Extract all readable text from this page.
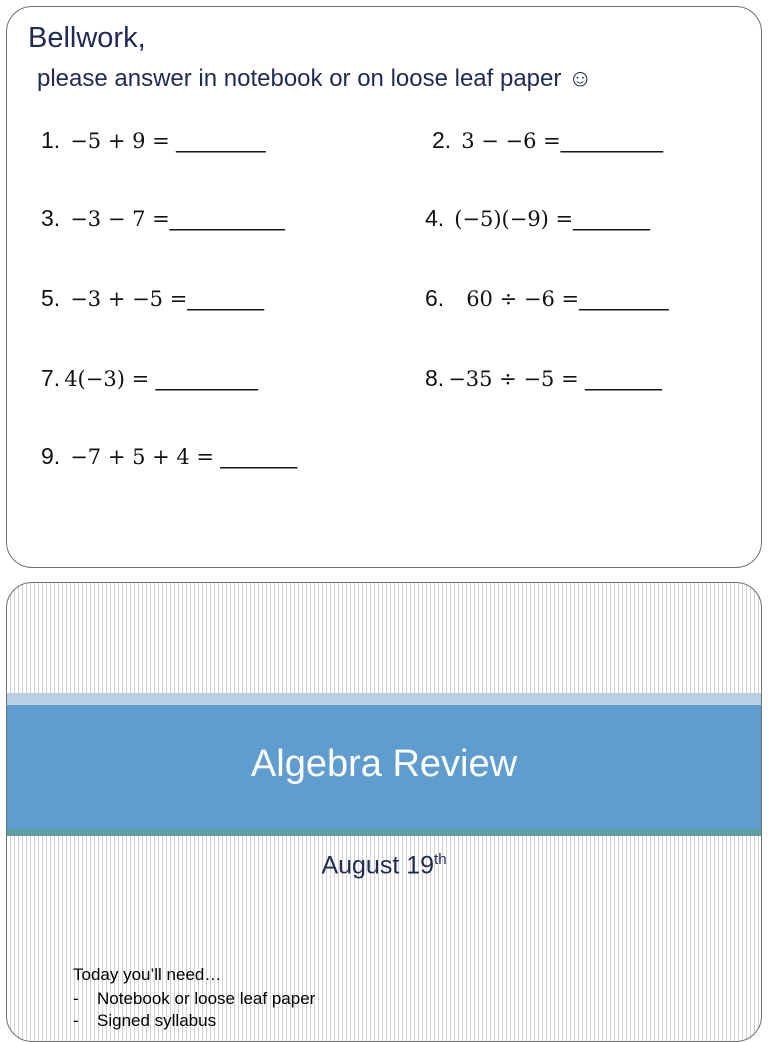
Bellwork,
please answer in notebook or on loose leaf paper ☺
1. −5 + 9 = _______	2. 3 − −6 =________
3. −3 − 7 =_________	4. (−5)(−9) =______
5. −3 + −5 =______	6. 60 ÷ −6 =_______
7. 4(−3) = ________	8. −35 ÷ −5 = ______
9. −7 + 5 + 4 = ______
Algebra Review
August 19th
Today you’ll need…
- Notebook or loose leaf paper
- Signed syllabus
